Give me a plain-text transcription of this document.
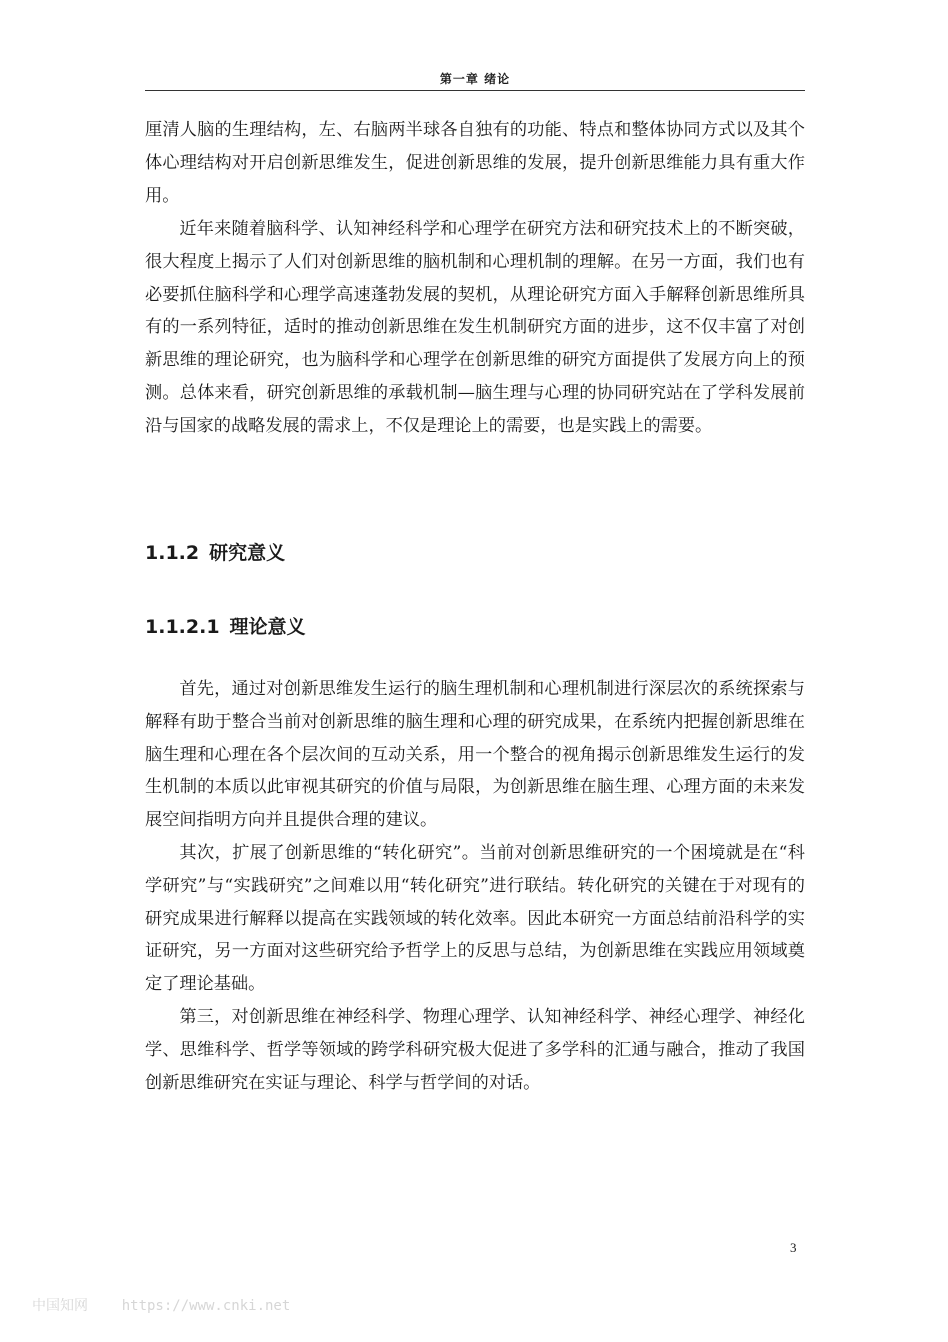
第一章 绪论

厘清人脑的生理结构，左、右脑两半球各自独有的功能、特点和整体协同方式以及其个体心理结构对开启创新思维发生，促进创新思维的发展，提升创新思维能力具有重大作用。

近年来随着脑科学、认知神经科学和心理学在研究方法和研究技术上的不断突破，很大程度上揭示了人们对创新思维的脑机制和心理机制的理解。在另一方面，我们也有必要抓住脑科学和心理学高速蓬勃发展的契机，从理论研究方面入手解释创新思维所具有的一系列特征，适时的推动创新思维在发生机制研究方面的进步，这不仅丰富了对创新思维的理论研究，也为脑科学和心理学在创新思维的研究方面提供了发展方向上的预测。总体来看，研究创新思维的承载机制—脑生理与心理的协同研究站在了学科发展前沿与国家的战略发展的需求上，不仅是理论上的需要，也是实践上的需要。

1.1.2 研究意义
1.1.2.1 理论意义

首先，通过对创新思维发生运行的脑生理机制和心理机制进行深层次的系统探索与解释有助于整合当前对创新思维的脑生理和心理的研究成果，在系统内把握创新思维在脑生理和心理在各个层次间的互动关系，用一个整合的视角揭示创新思维发生运行的发生机制的本质以此审视其研究的价值与局限，为创新思维在脑生理、心理方面的未来发展空间指明方向并且提供合理的建议。

其次，扩展了创新思维的“转化研究”。当前对创新思维研究的一个困境就是在“科学研究”与“实践研究”之间难以用“转化研究”进行联结。转化研究的关键在于对现有的研究成果进行解释以提高在实践领域的转化效率。因此本研究一方面总结前沿科学的实证研究，另一方面对这些研究给予哲学上的反思与总结，为创新思维在实践应用领域奠定了理论基础。

第三，对创新思维在神经科学、物理心理学、认知神经科学、神经心理学、神经化学、思维科学、哲学等领域的跨学科研究极大促进了多学科的汇通与融合，推动了我国创新思维研究在实证与理论、科学与哲学间的对话。

3
中国知网    https://www.cnki.net
